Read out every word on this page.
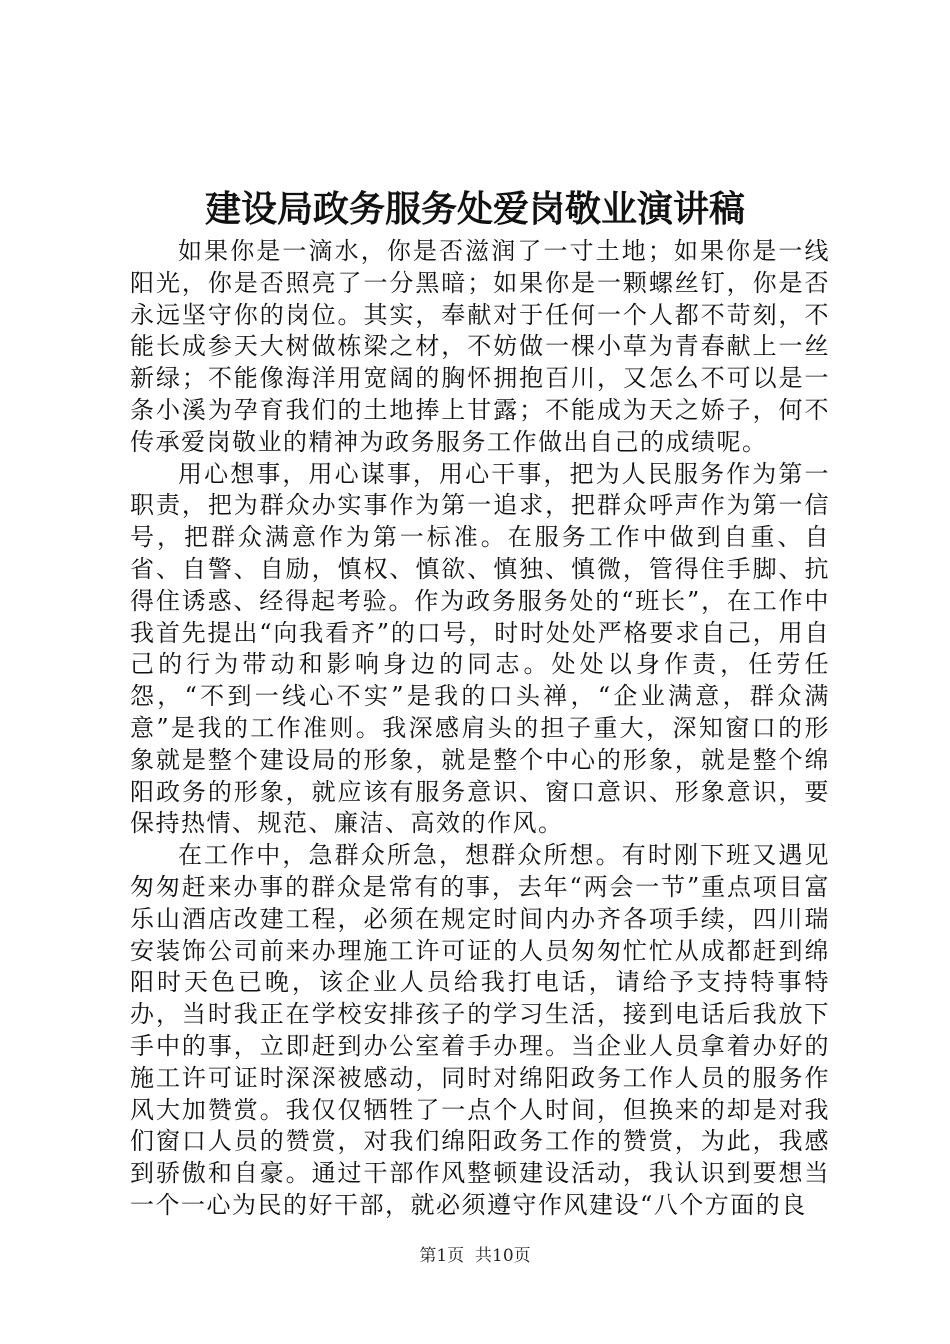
建设局政务服务处爱岗敬业演讲稿

如果你是一滴水，你是否滋润了一寸土地；如果你是一线阳光，你是否照亮了一分黑暗；如果你是一颗螺丝钉，你是否永远坚守你的岗位。其实，奉献对于任何一个人都不苛刻，不能长成参天大树做栋梁之材，不妨做一棵小草为青春献上一丝新绿；不能像海洋用宽阔的胸怀拥抱百川，又怎么不可以是一条小溪为孕育我们的土地捧上甘露；不能成为天之娇子，何不传承爱岗敬业的精神为政务服务工作做出自己的成绩呢。

用心想事，用心谋事，用心干事，把为人民服务作为第一职责，把为群众办实事作为第一追求，把群众呼声作为第一信号，把群众满意作为第一标准。在服务工作中做到自重、自省、自警、自励，慎权、慎欲、慎独、慎微，管得住手脚、抗得住诱惑、经得起考验。作为政务服务处的“班长”，在工作中我首先提出“向我看齐”的口号，时时处处严格要求自己，用自己的行为带动和影响身边的同志。处处以身作责，任劳任怨，“不到一线心不实”是我的口头禅，“企业满意，群众满意”是我的工作准则。我深感肩头的担子重大，深知窗口的形象就是整个建设局的形象，就是整个中心的形象，就是整个绵阳政务的形象，就应该有服务意识、窗口意识、形象意识，要保持热情、规范、廉洁、高效的作风。

在工作中，急群众所急，想群众所想。有时刚下班又遇见匆匆赶来办事的群众是常有的事，去年“两会一节”重点项目富乐山酒店改建工程，必须在规定时间内办齐各项手续，四川瑞安装饰公司前来办理施工许可证的人员匆匆忙忙从成都赶到绵阳时天色已晚，该企业人员给我打电话，请给予支持特事特办，当时我正在学校安排孩子的学习生活，接到电话后我放下手中的事，立即赶到办公室着手办理。当企业人员拿着办好的施工许可证时深深被感动，同时对绵阳政务工作人员的服务作风大加赞赏。我仅仅牺牲了一点个人时间，但换来的却是对我们窗口人员的赞赏，对我们绵阳政务工作的赞赏，为此，我感到骄傲和自豪。通过干部作风整顿建设活动，我认识到要想当一个一心为民的好干部，就必须遵守作风建设“八个方面的良

第1页 共10页
